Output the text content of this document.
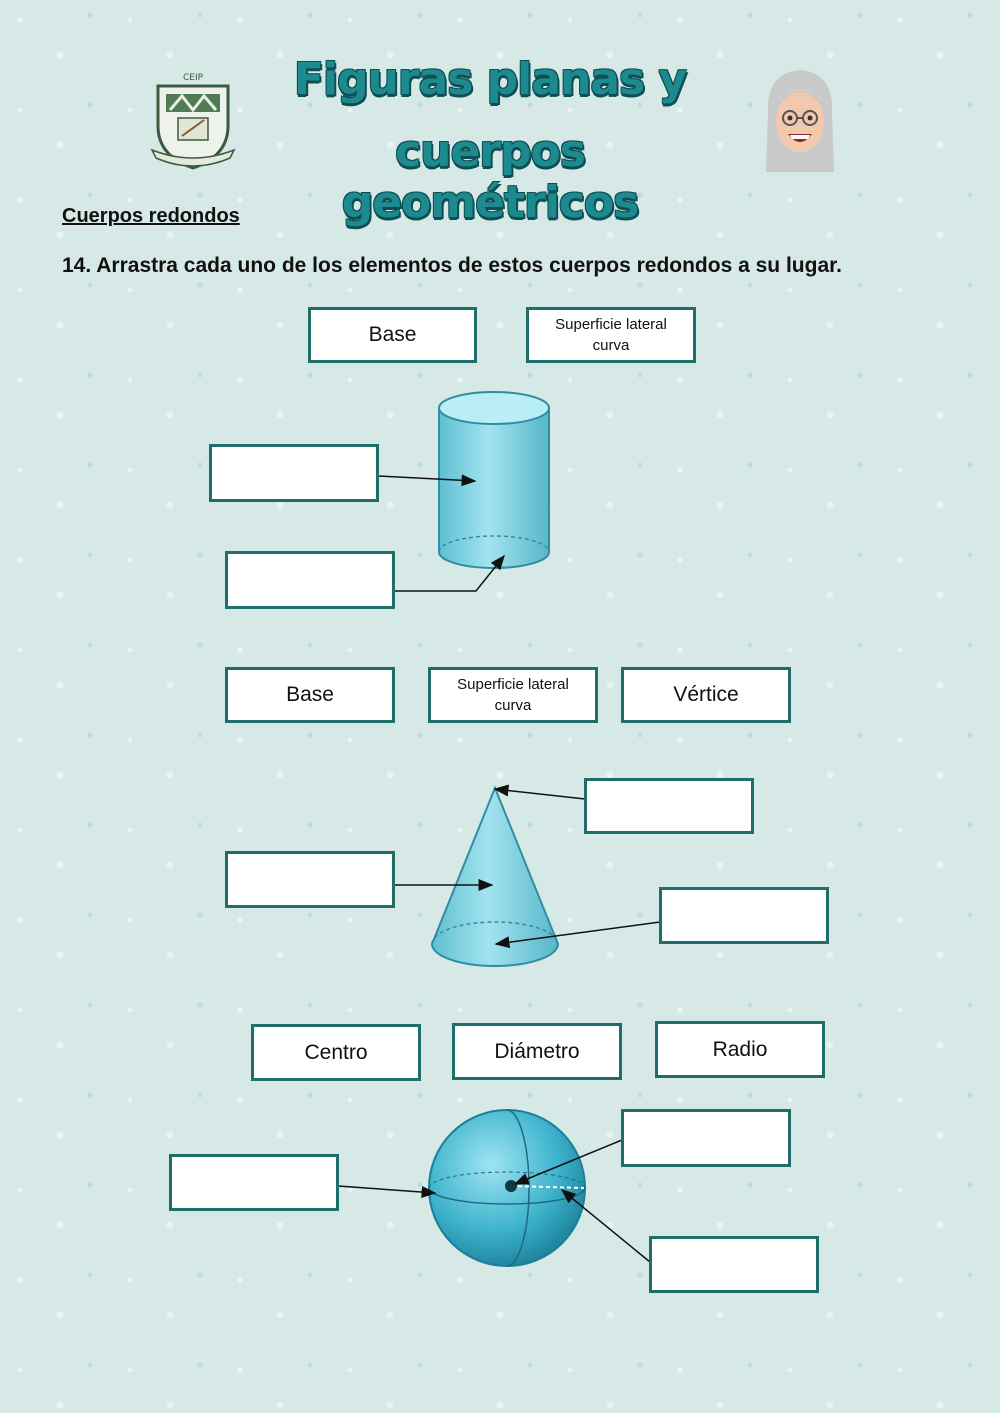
CEIP	Figuras planas y
cuerpos geométricos
Cuerpos redondos
14. Arrastra cada uno de los elementos de estos cuerpos redondos a su lugar.
Base	Superficie lateral curva
Base	Superficie lateral curva	Vértice
Centro	Diámetro	Radio
